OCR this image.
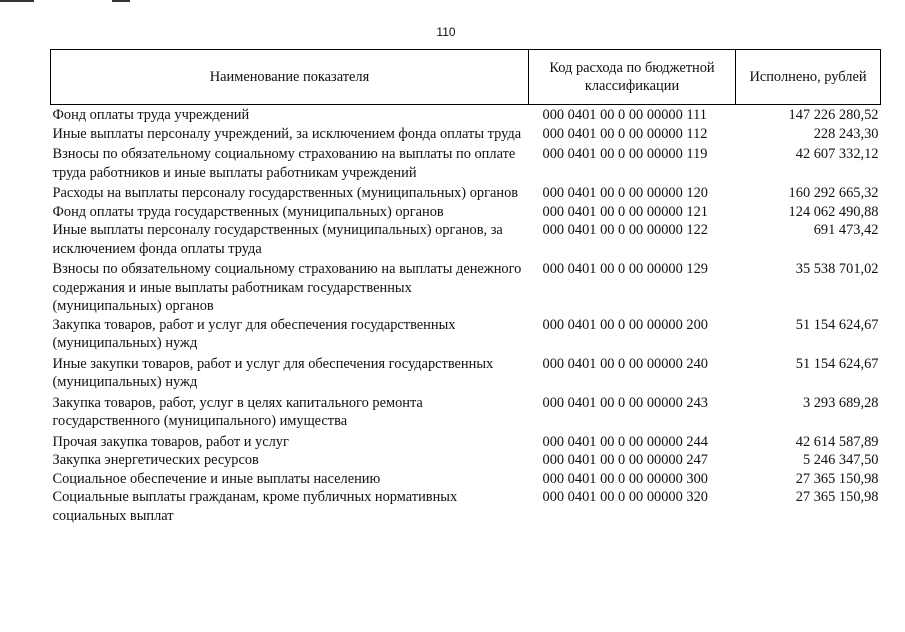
110
Наименование показателя	Код расхода по бюджетной классификации	Исполнено, рублей
Фонд оплаты труда учреждений	000 0401 00 0 00 00000 111	147 226 280,52
Иные выплаты персоналу учреждений, за исключением фонда оплаты труда	000 0401 00 0 00 00000 112	228 243,30
Взносы по обязательному социальному страхованию на выплаты по оплате труда работников и иные выплаты работникам учреждений	000 0401 00 0 00 00000 119	42 607 332,12
Расходы на выплаты персоналу государственных (муниципальных) органов	000 0401 00 0 00 00000 120	160 292 665,32
Фонд оплаты труда государственных (муниципальных) органов	000 0401 00 0 00 00000 121	124 062 490,88
Иные выплаты персоналу государственных (муниципальных) органов, за исключением фонда оплаты труда	000 0401 00 0 00 00000 122	691 473,42
Взносы по обязательному социальному страхованию на выплаты денежного содержания и иные выплаты работникам государственных (муниципальных) органов	000 0401 00 0 00 00000 129	35 538 701,02
Закупка товаров, работ и услуг для обеспечения государственных (муниципальных) нужд	000 0401 00 0 00 00000 200	51 154 624,67
Иные закупки товаров, работ и услуг для обеспечения государственных (муниципальных) нужд	000 0401 00 0 00 00000 240	51 154 624,67
Закупка товаров, работ, услуг в целях капитального ремонта государственного (муниципального) имущества	000 0401 00 0 00 00000 243	3 293 689,28
Прочая закупка товаров, работ и услуг	000 0401 00 0 00 00000 244	42 614 587,89
Закупка энергетических ресурсов	000 0401 00 0 00 00000 247	5 246 347,50
Социальное обеспечение и иные выплаты населению	000 0401 00 0 00 00000 300	27 365 150,98
Социальные выплаты гражданам, кроме публичных нормативных социальных выплат	000 0401 00 0 00 00000 320	27 365 150,98
